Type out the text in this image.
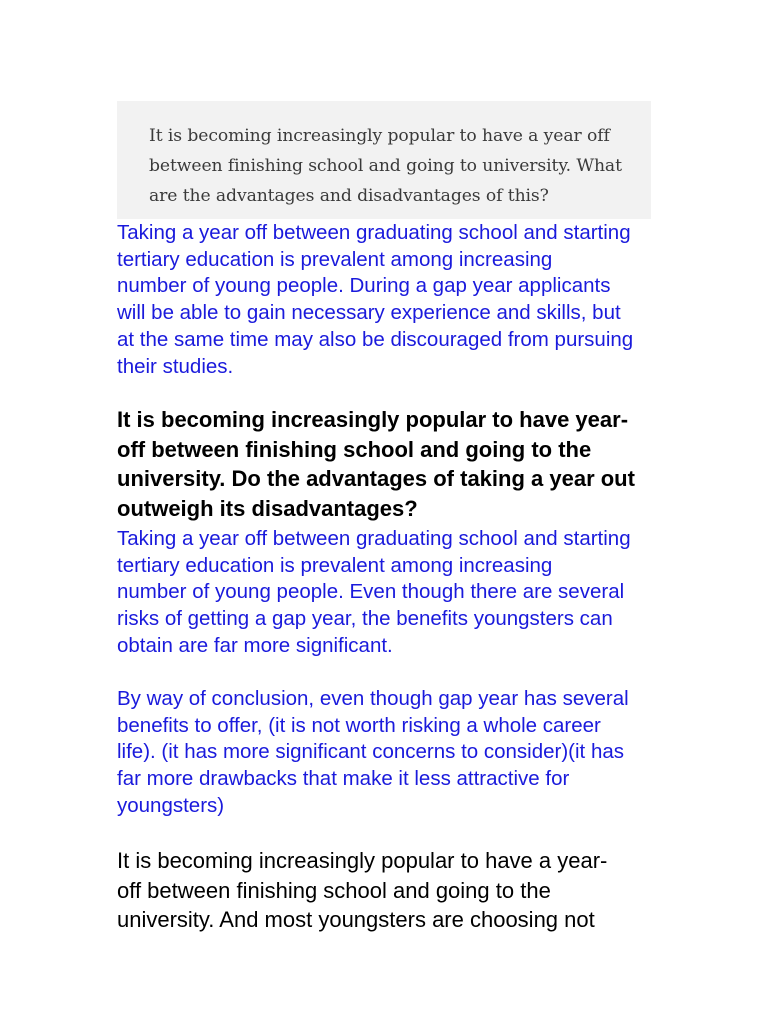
It is becoming increasingly popular to have a year off
between finishing school and going to university. What
are the advantages and disadvantages of this?
Taking a year off between graduating school and starting
tertiary education is prevalent among increasing
number of young people. During a gap year applicants
will be able to gain necessary experience and skills, but
at the same time may also be discouraged from pursuing
their studies.
It is becoming increasingly popular to have year-
off between finishing school and going to the
university. Do the advantages of taking a year out
outweigh its disadvantages?
Taking a year off between graduating school and starting
tertiary education is prevalent among increasing
number of young people. Even though there are several
risks of getting a gap year, the benefits youngsters can
obtain are far more significant.
By way of conclusion, even though gap year has several
benefits to offer, (it is not worth risking a whole career
life). (it has more significant concerns to consider)(it has
far more drawbacks that make it less attractive for
youngsters)
It is becoming increasingly popular to have a year-
off between finishing school and going to the
university. And most youngsters are choosing not
